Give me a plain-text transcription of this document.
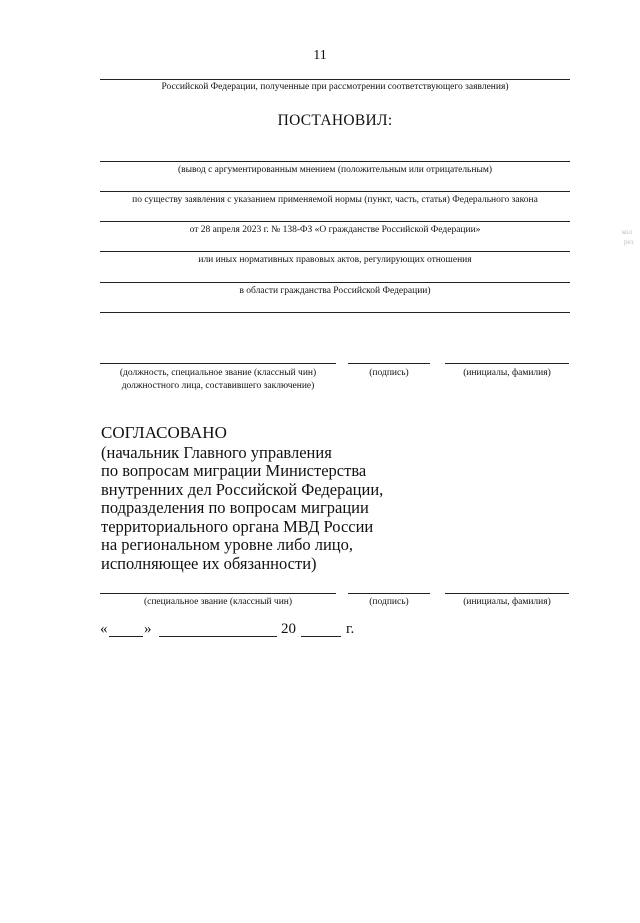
11
Российской Федерации, полученные при рассмотрении соответствующего заявления)
ПОСТАНОВИЛ:
(вывод с аргументированным мнением (положительным или отрицательным)
по существу заявления с указанием применяемой нормы (пункт, часть, статья) Федерального закона
от 28 апреля 2023 г. № 138-ФЗ «О гражданстве Российской Федерации»
или иных нормативных правовых актов, регулирующих отношения
в области гражданства Российской Федерации)
(должность, специальное звание (классный чин)
должностного лица, составившего заключение)
(подпись)	(инициалы, фамилия)
СОГЛАСОВАНО
(начальник Главного управления
по вопросам миграции Министерства
внутренних дел Российской Федерации,
подразделения по вопросам миграции
территориального органа МВД России
на региональном уровне либо лицо,
исполняющее их обязанности)
(специальное звание (классный чин)	(подпись)	(инициалы, фамилия)
« »	20	г.
кол
рез
